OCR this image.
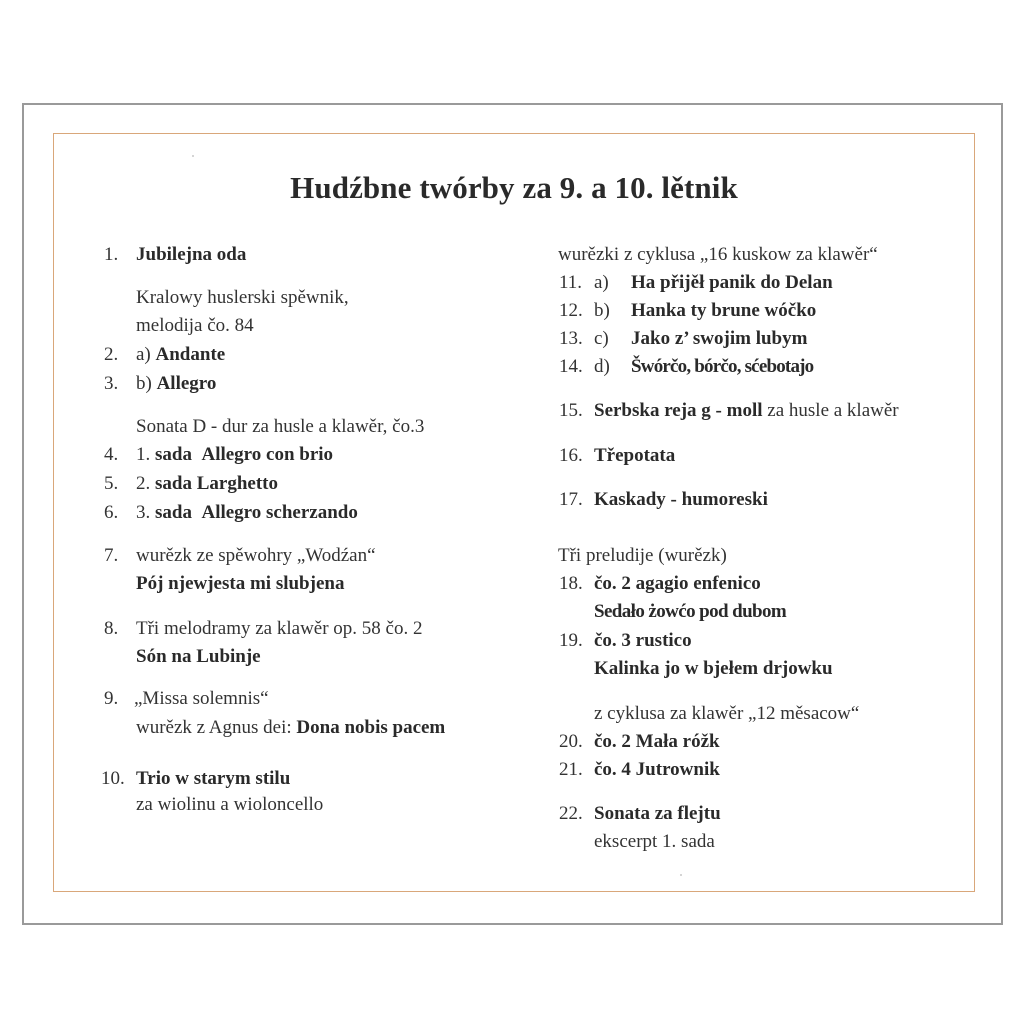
Hudźbne twórby za 9. a 10. lětnik
1. Jubilejna oda
Kralowy huslerski spěwnik,
melodija čo. 84
2. a) Andante
3. b) Allegro
Sonata D - dur za husle a klawěr, čo.3
4. 1. sada Allegro con brio
5. 2. sada Larghetto
6. 3. sada Allegro scherzando
7. wurězk ze spěwohry „Wodźan“
Pój njewjesta mi slubjena
8. Tři melodramy za klawěr op. 58 čo. 2
Són na Lubinje
9. „Missa solemnis“
wurězk z Agnus dei: Dona nobis pacem
10. Trio w starym stilu
za wiolinu a wioloncello
wurězki z cyklusa „16 kuskow za klawěr“
11. a) Ha přijěł panik do Delan
12. b) Hanka ty brune wóčko
13. c) Jako z’ swojim lubym
14. d) Šwórčo, bórčo, sćebotajo
15. Serbska reja g - moll za husle a klawěr
16. Třepotata
17. Kaskady - humoreski
Tři preludije (wurězk)
18. čo. 2 agagio enfenico
Sedało żowćo pod dubom
19. čo. 3 rustico
Kalinka jo w bjełem drjowku
z cyklusa za klawěr „12 měsacow“
20. čo. 2 Mała róžk
21. čo. 4 Jutrownik
22. Sonata za flejtu
ekscerpt 1. sada
